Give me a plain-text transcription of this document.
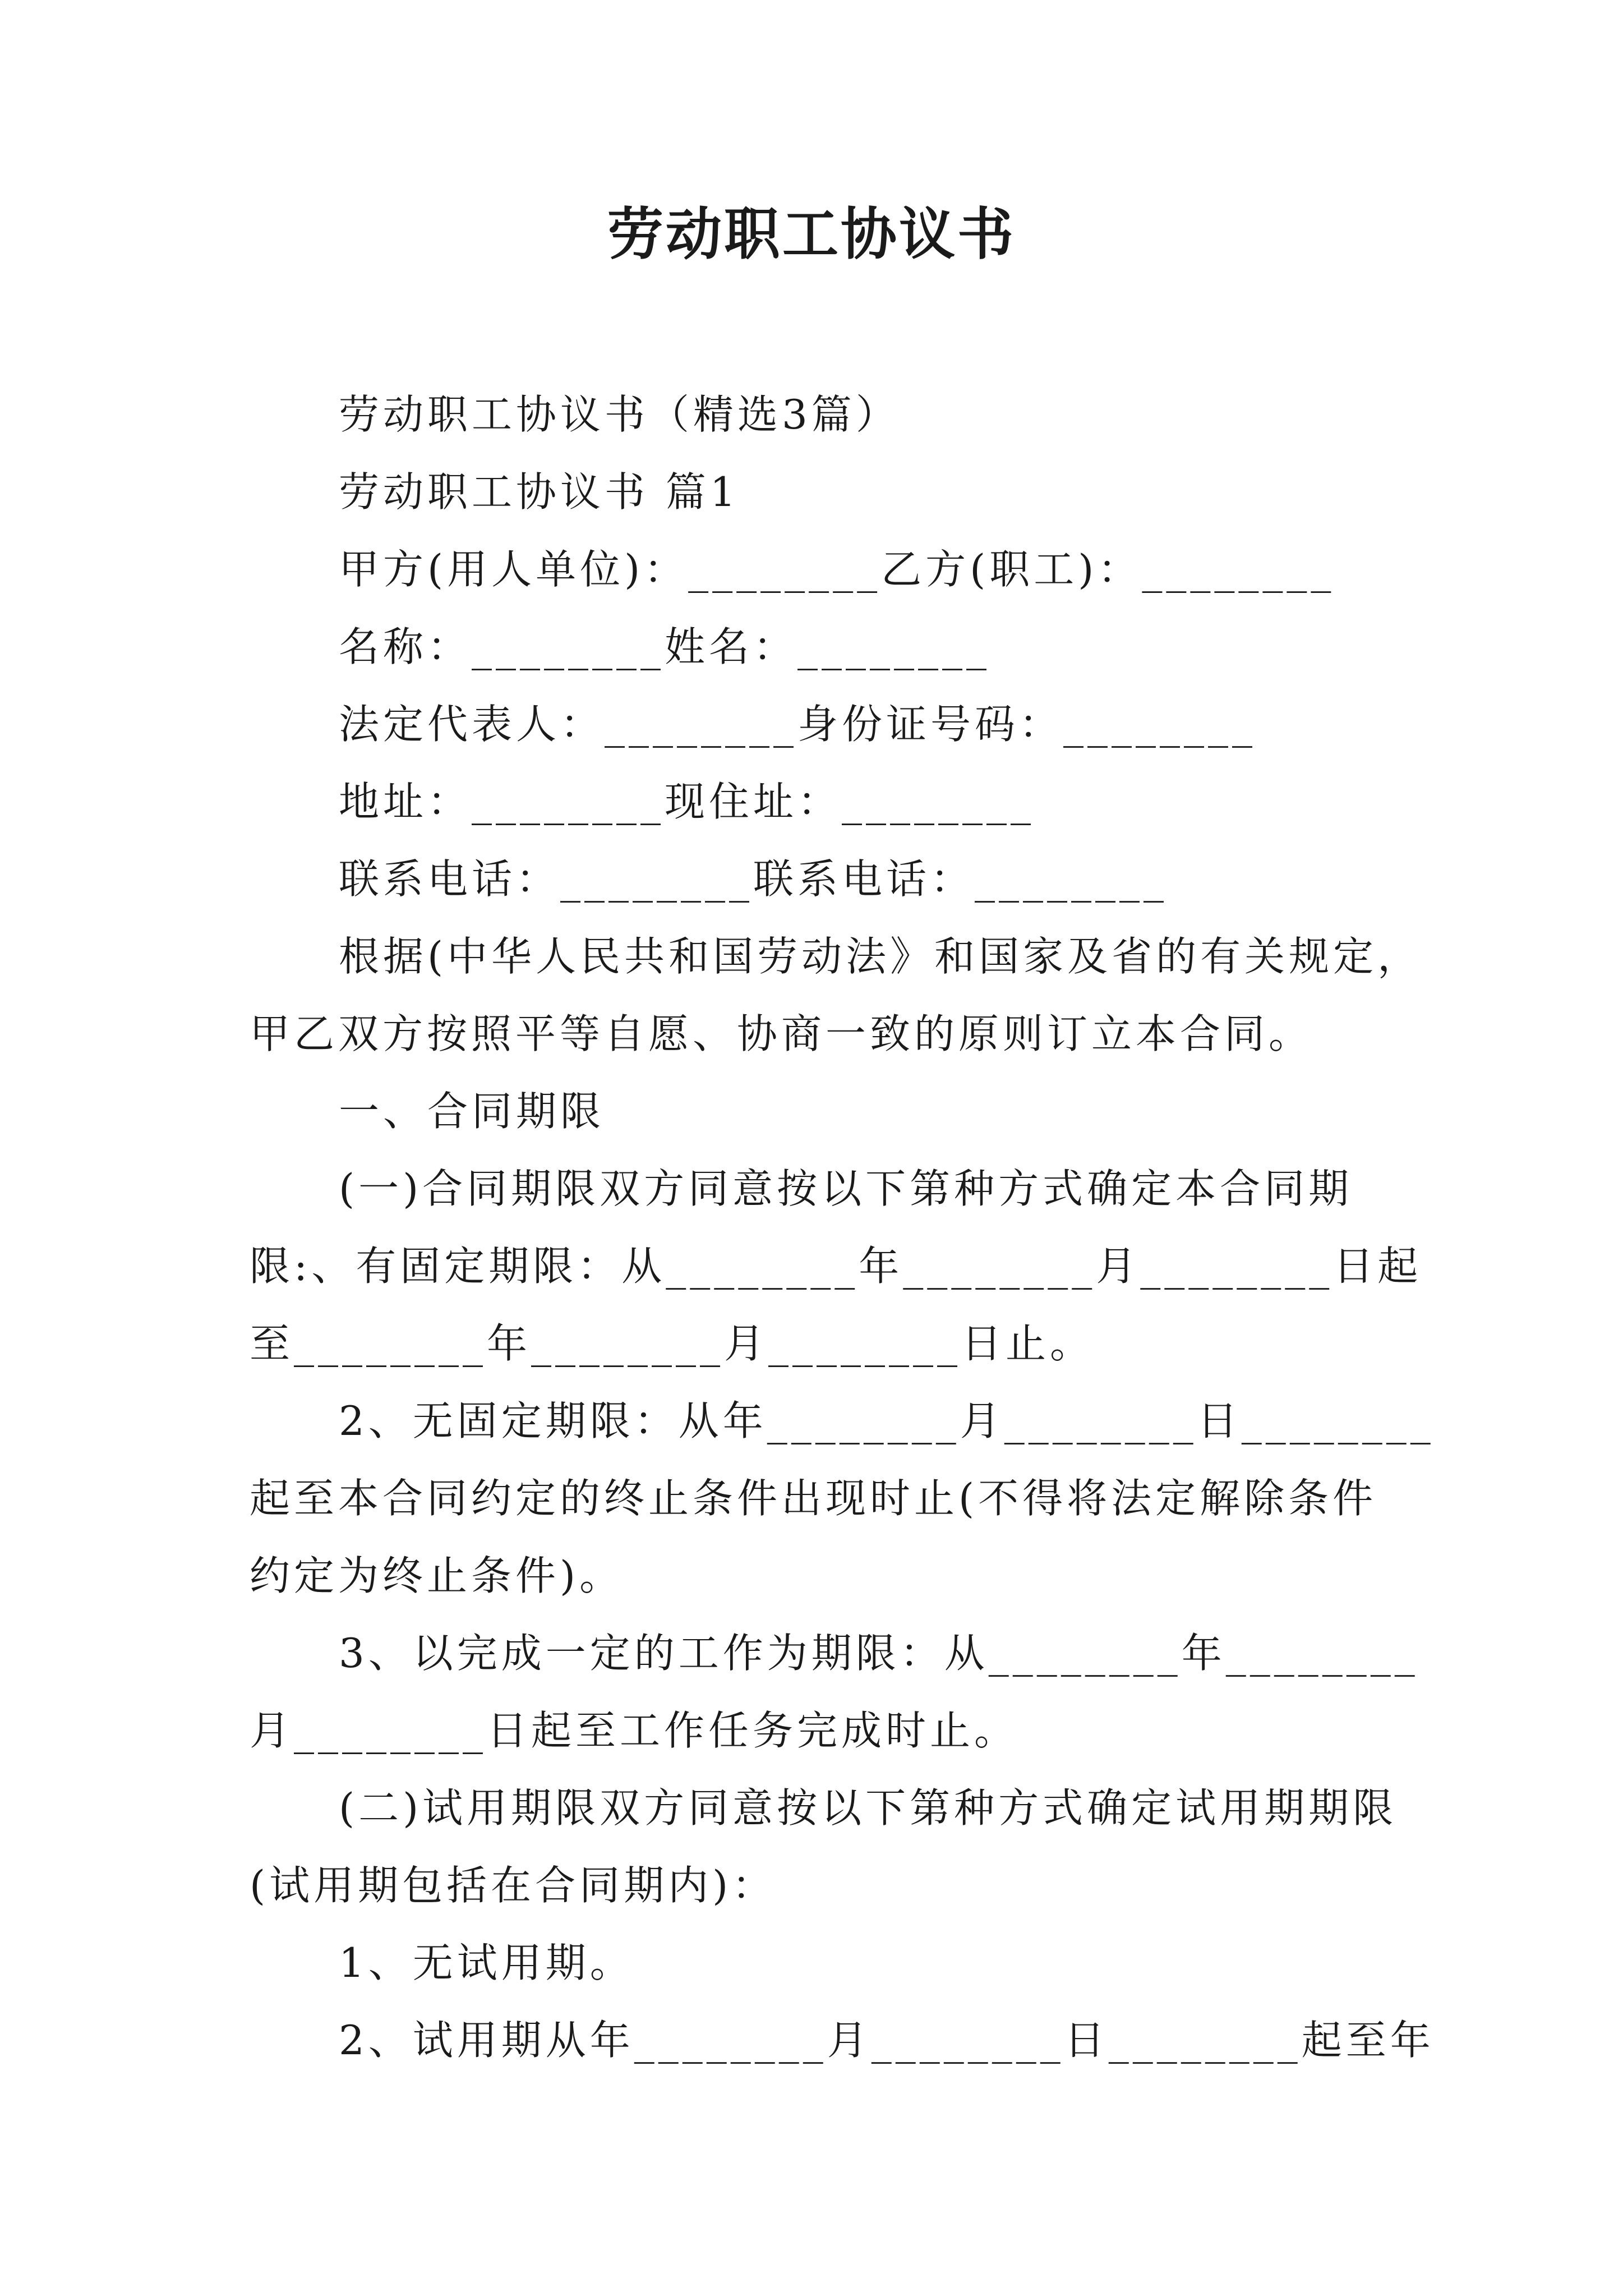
劳动职工协议书
劳动职工协议书（精选3篇）
劳动职工协议书 篇1
甲方(用人单位)：________乙方(职工)：________
名称：________姓名：________
法定代表人：________身份证号码：________
地址：________现住址：________
联系电话：________联系电话：________
根据(中华人民共和国劳动法》和国家及省的有关规定，
甲乙双方按照平等自愿、协商一致的原则订立本合同。
一、合同期限
(一)合同期限双方同意按以下第种方式确定本合同期
限:、有固定期限：从________年________月________日起
至________年________月________日止。
2、无固定期限：从年________月________日________
起至本合同约定的终止条件出现时止(不得将法定解除条件
约定为终止条件)。
3、以完成一定的工作为期限：从________年________
月________日起至工作任务完成时止。
(二)试用期限双方同意按以下第种方式确定试用期期限
(试用期包括在合同期内)：
1、无试用期。
2、试用期从年________月________日________起至年
